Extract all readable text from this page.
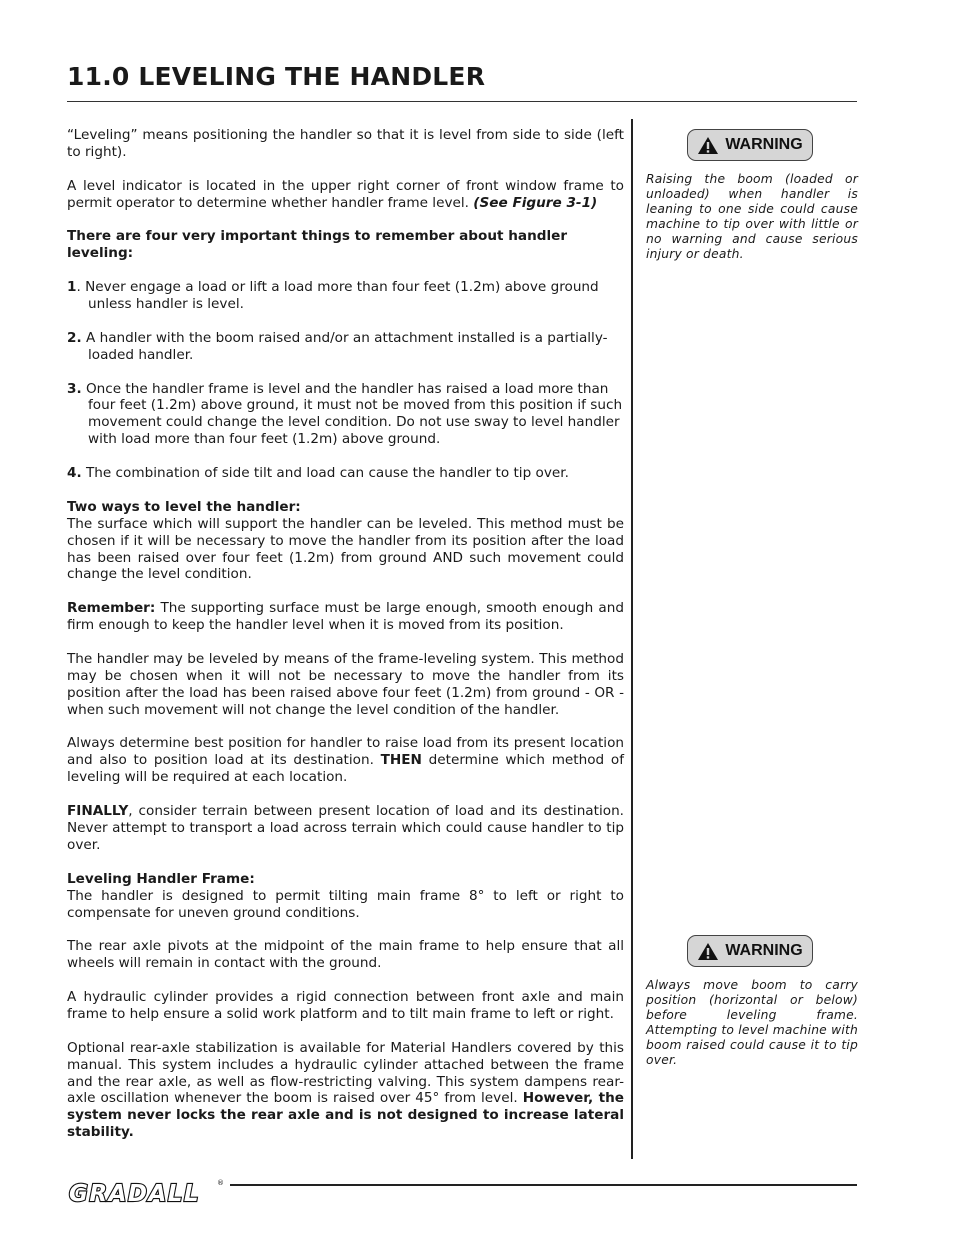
11.0 LEVELING THE HANDLER

“Leveling” means positioning the handler so that it is level from side to side (left to right).

A level indicator is located in the upper right corner of front window frame to permit operator to determine whether handler frame level. (See Figure 3-1)

There are four very important things to remember about handler leveling:

1. Never engage a load or lift a load more than four feet (1.2m) above ground unless handler is level.

2. A handler with the boom raised and/or an attachment installed is a partially-loaded handler.

3. Once the handler frame is level and the handler has raised a load more than four feet (1.2m) above ground, it must not be moved from this position if such movement could change the level condition. Do not use sway to level handler with load more than four feet (1.2m) above ground.

4. The combination of side tilt and load can cause the handler to tip over.

Two ways to level the handler:
The surface which will support the handler can be leveled. This method must be chosen if it will be necessary to move the handler from its position after the load has been raised over four feet (1.2m) from ground AND such movement could change the level condition.

Remember: The supporting surface must be large enough, smooth enough and firm enough to keep the handler level when it is moved from its position.

The handler may be leveled by means of the frame-leveling system. This method may be chosen when it will not be necessary to move the handler from its position after the load has been raised above four feet (1.2m) from ground - OR - when such movement will not change the level condition of the handler.

Always determine best position for handler to raise load from its present location and also to position load at its destination. THEN determine which method of leveling will be required at each location.

FINALLY, consider terrain between present location of load and its destination. Never attempt to transport a load across terrain which could cause handler to tip over.

Leveling Handler Frame:
The handler is designed to permit tilting main frame 8° to left or right to compensate for uneven ground conditions.

The rear axle pivots at the midpoint of the main frame to help ensure that all wheels will remain in contact with the ground.

A hydraulic cylinder provides a rigid connection between front axle and main frame to help ensure a solid work platform and to tilt main frame to left or right.

Optional rear-axle stabilization is available for Material Handlers covered by this manual. This system includes a hydraulic cylinder attached between the frame and the rear axle, as well as flow-restricting valving. This system dampens rear-axle oscillation whenever the boom is raised over 45° from level. However, the system never locks the rear axle and is not designed to increase lateral stability.

WARNING

Raising the boom (loaded or unloaded) when handler is leaning to one side could cause machine to tip over with little or no warning and cause serious injury or death.

WARNING

Always move boom to carry position (horizontal or below) before leveling frame. Attempting to level machine with boom raised could cause it to tip over.

GRADALL ®
